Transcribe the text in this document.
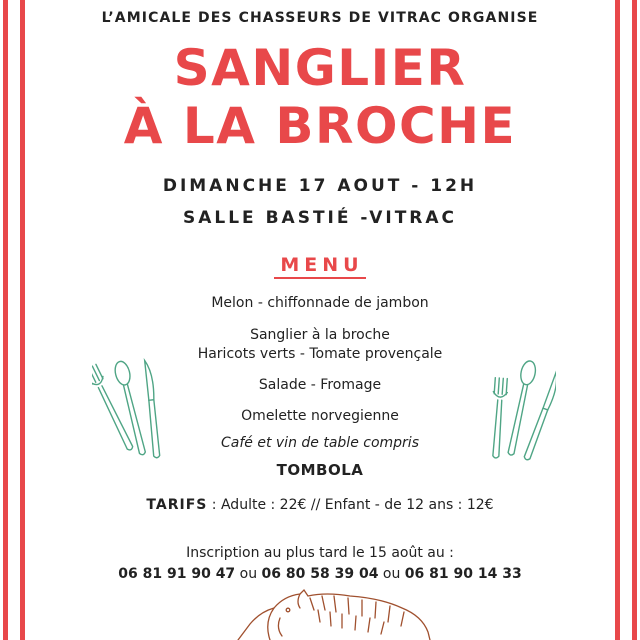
L’AMICALE DES CHASSEURS DE VITRAC ORGANISE
SANGLIER
À LA BROCHE
DIMANCHE 17 AOUT - 12H
SALLE BASTIÉ -VITRAC
MENU
Melon - chiffonnade de jambon
Sanglier à la broche
Haricots verts - Tomate provençale
Salade - Fromage
Omelette norvegienne
Café et vin de table compris
TOMBOLA
TARIFS : Adulte : 22€ // Enfant - de 12 ans : 12€
Inscription au plus tard le 15 août au :
06 81 91 90 47 ou 06 80 58 39 04 ou 06 81 90 14 33
